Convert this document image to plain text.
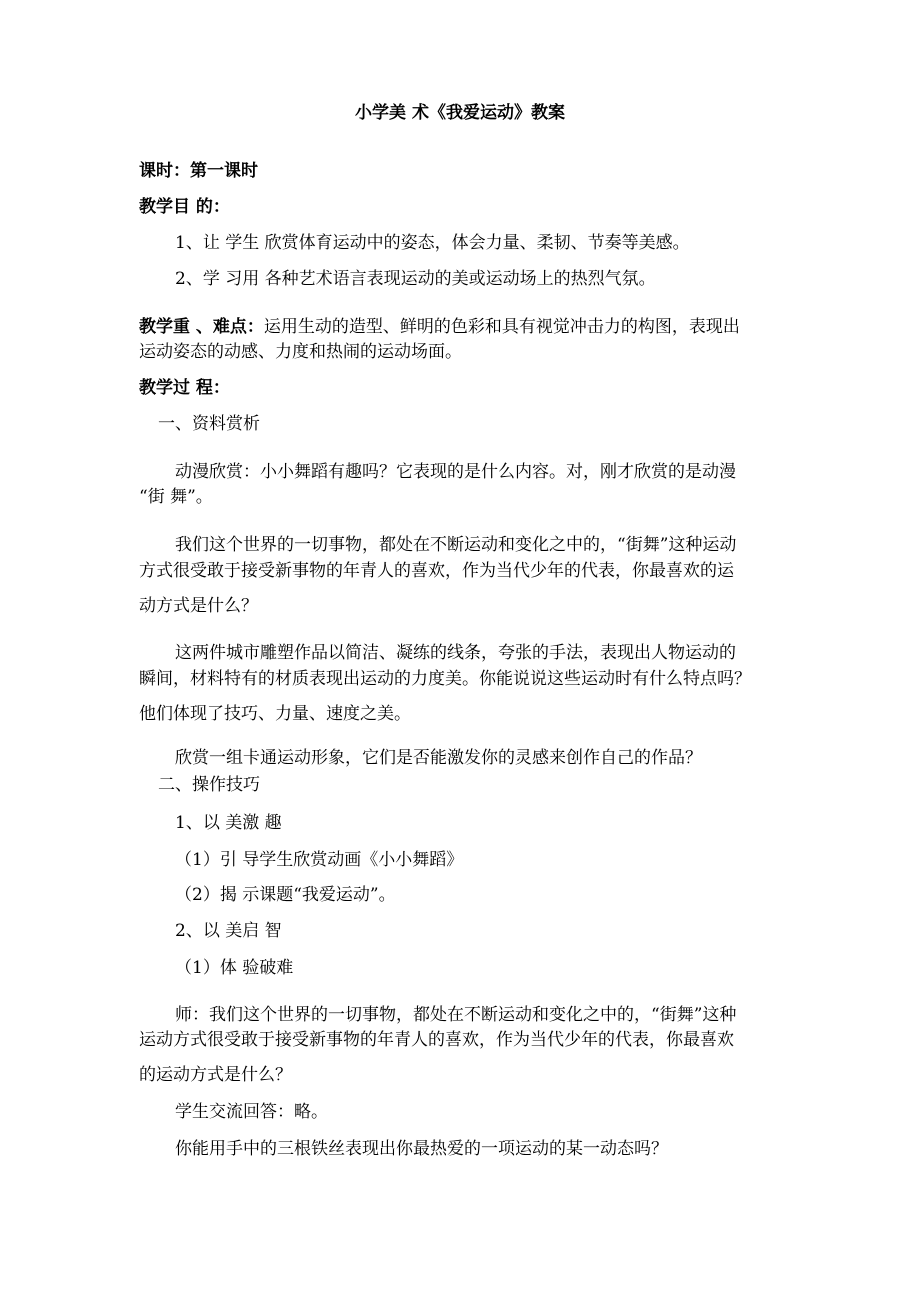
小学美 术《我爱运动》教案
课时：第一课时
教学目 的：
1、让 学生 欣赏体育运动中的姿态，体会力量、柔韧、节奏等美感。
2、学 习用 各种艺术语言表现运动的美或运动场上的热烈气氛。
教学重 、难点：运用生动的造型、鲜明的色彩和具有视觉冲击力的构图，表现出
运动姿态的动感、力度和热闹的运动场面。
教学过 程：
一、资料赏析
动漫欣赏：小小舞蹈有趣吗？它表现的是什么内容。对，刚才欣赏的是动漫
“街 舞”。
我们这个世界的一切事物，都处在不断运动和变化之中的，“街舞”这种运动
方式很受敢于接受新事物的年青人的喜欢，作为当代少年的代表，你最喜欢的运
动方式是什么？
这两件城市雕塑作品以简洁、凝练的线条，夸张的手法，表现出人物运动的
瞬间，材料特有的材质表现出运动的力度美。你能说说这些运动时有什么特点吗？
他们体现了技巧、力量、速度之美。
欣赏一组卡通运动形象，它们是否能激发你的灵感来创作自己的作品？
二、操作技巧
1、以 美激 趣
（1）引 导学生欣赏动画《小小舞蹈》
（2）揭 示课题“我爱运动”。
2、以 美启 智
（1）体 验破难
师：我们这个世界的一切事物，都处在不断运动和变化之中的，“街舞”这种
运动方式很受敢于接受新事物的年青人的喜欢，作为当代少年的代表，你最喜欢
的运动方式是什么？
学生交流回答：略。
你能用手中的三根铁丝表现出你最热爱的一项运动的某一动态吗？
